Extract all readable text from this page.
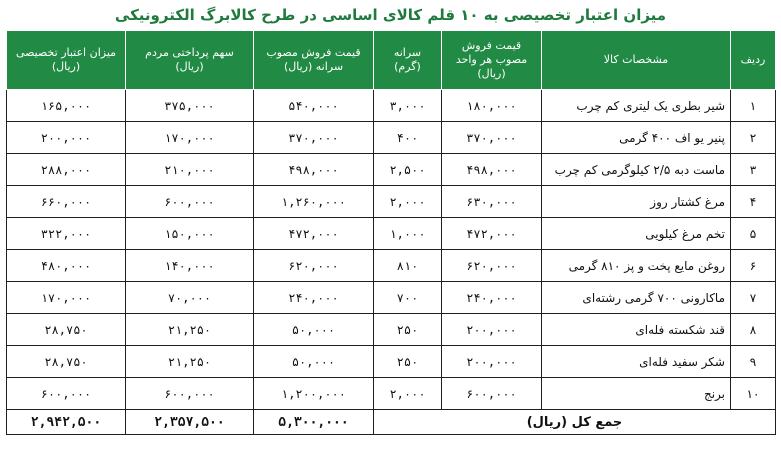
میزان اعتبار تخصیصی به ۱۰ قلم کالای اساسی در طرح کالابرگ الکترونیکی
ردیف	مشخصات کالا	قیمت فروش مصوب هر واحد (ریال)	سرانه (گرم)	قیمت فروش مصوب سرانه (ریال)	سهم پرداختی مردم (ریال)	میزان اعتبار تخصیصی (ریال)
۱	شیر بطری یک لیتری کم چرب	۱۸۰,۰۰۰	۳,۰۰۰	۵۴۰,۰۰۰	۳۷۵,۰۰۰	۱۶۵,۰۰۰
۲	پنیر یو اف ۴۰۰ گرمی	۳۷۰,۰۰۰	۴۰۰	۳۷۰,۰۰۰	۱۷۰,۰۰۰	۲۰۰,۰۰۰
۳	ماست دبه ۲/۵ کیلوگرمی کم چرب	۴۹۸,۰۰۰	۲,۵۰۰	۴۹۸,۰۰۰	۲۱۰,۰۰۰	۲۸۸,۰۰۰
۴	مرغ کشتار روز	۶۳۰,۰۰۰	۲,۰۰۰	۱,۲۶۰,۰۰۰	۶۰۰,۰۰۰	۶۶۰,۰۰۰
۵	تخم مرغ کیلویی	۴۷۲,۰۰۰	۱,۰۰۰	۴۷۲,۰۰۰	۱۵۰,۰۰۰	۳۲۲,۰۰۰
۶	روغن مایع پخت و پز ۸۱۰ گرمی	۶۲۰,۰۰۰	۸۱۰	۶۲۰,۰۰۰	۱۴۰,۰۰۰	۴۸۰,۰۰۰
۷	ماکارونی ۷۰۰ گرمی رشته‌ای	۲۴۰,۰۰۰	۷۰۰	۲۴۰,۰۰۰	۷۰,۰۰۰	۱۷۰,۰۰۰
۸	قند شکسته فله‌ای	۲۰۰,۰۰۰	۲۵۰	۵۰,۰۰۰	۲۱,۲۵۰	۲۸,۷۵۰
۹	شکر سفید فله‌ای	۲۰۰,۰۰۰	۲۵۰	۵۰,۰۰۰	۲۱,۲۵۰	۲۸,۷۵۰
۱۰	برنج	۶۰۰,۰۰۰	۲,۰۰۰	۱,۲۰۰,۰۰۰	۶۰۰,۰۰۰	۶۰۰,۰۰۰
جمع کل (ریال)				۵,۳۰۰,۰۰۰	۲,۳۵۷,۵۰۰	۲,۹۴۲,۵۰۰
